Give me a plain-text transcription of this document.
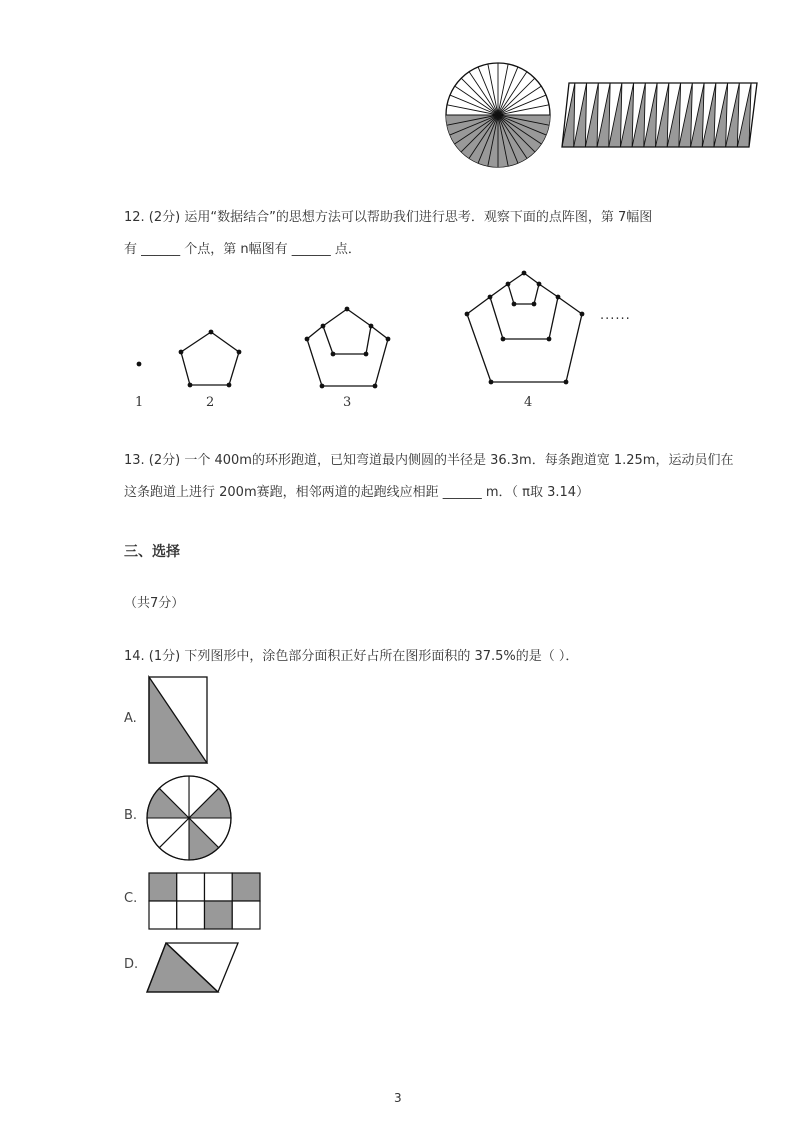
12. (2分) 运用“数据结合”的思想方法可以帮助我们进行思考．观察下面的点阵图，第 7幅图
有 ______ 个点，第 n幅图有 ______ 点．
······
1	2	3	4
13. (2分) 一个 400m的环形跑道，已知弯道最内侧圆的半径是 36.3m．每条跑道宽 1.25m，运动员们在
这条跑道上进行 200m赛跑，相邻两道的起跑线应相距 ______ m．（ π取 3.14）
三、选择
（共7分）
14. (1分) 下列图形中，涂色部分面积正好占所在图形面积的 37.5%的是（ ）．
A.
B.
C.
D.
3
